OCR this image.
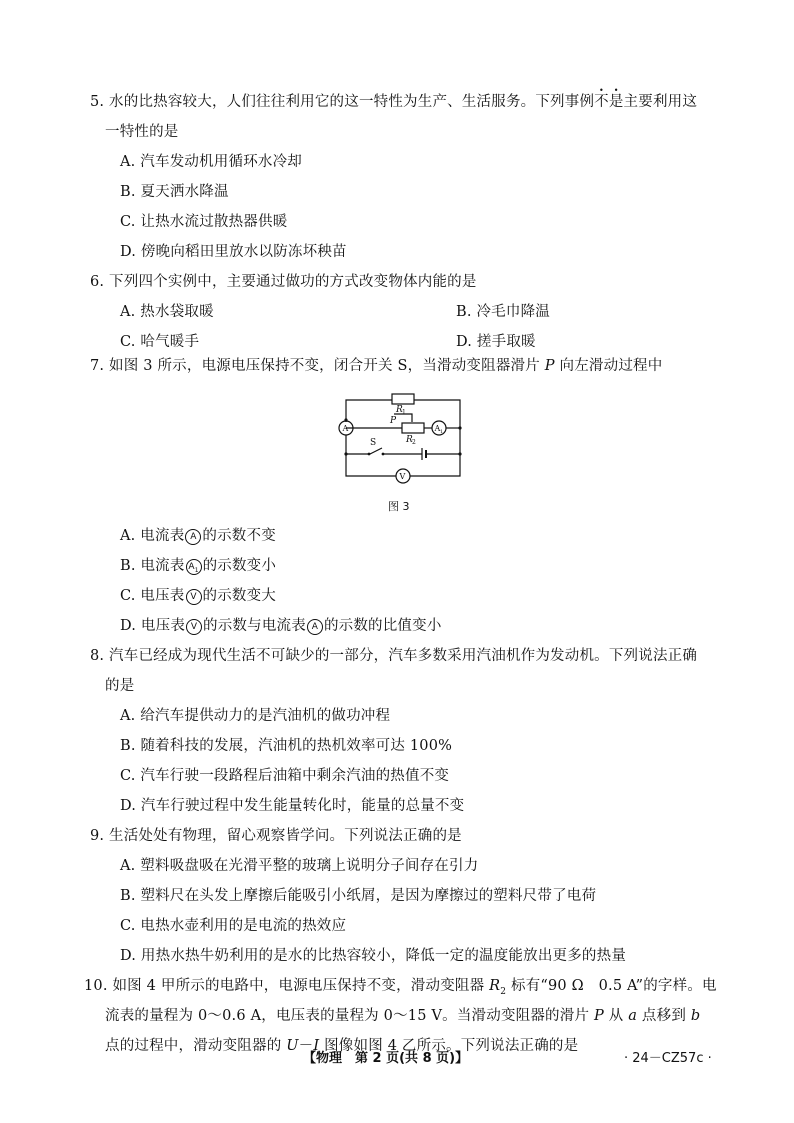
5. 水的比热容较大，人们往往利用它的这一特性为生产、生活服务。下列事例不是主要利用这
一特性的是
A. 汽车发动机用循环水冷却
B. 夏天洒水降温
C. 让热水流过散热器供暖
D. 傍晚向稻田里放水以防冻坏秧苗
6. 下列四个实例中，主要通过做功的方式改变物体内能的是
A. 热水袋取暖	B. 冷毛巾降温
C. 哈气暖手	D. 搓手取暖
7. 如图 3 所示，电源电压保持不变，闭合开关 S，当滑动变阻器滑片 P 向左滑动过程中
R 1
P
R 2
S
A	A 1
V
图 3
A. 电流表 A 的示数不变
B. 电流表 $A_1$ 的示数变小
C. 电压表 V 的示数变大
D. 电压表 V 的示数与电流表 A 的示数的比值变小
8. 汽车已经成为现代生活不可缺少的一部分，汽车多数采用汽油机作为发动机。下列说法正确
的是
A. 给汽车提供动力的是汽油机的做功冲程
B. 随着科技的发展，汽油机的热机效率可达 100%
C. 汽车行驶一段路程后油箱中剩余汽油的热值不变
D. 汽车行驶过程中发生能量转化时，能量的总量不变
9. 生活处处有物理，留心观察皆学问。下列说法正确的是
A. 塑料吸盘吸在光滑平整的玻璃上说明分子间存在引力
B. 塑料尺在头发上摩擦后能吸引小纸屑，是因为摩擦过的塑料尺带了电荷
C. 电热水壶利用的是电流的热效应
D. 用热水热牛奶利用的是水的比热容较小，降低一定的温度能放出更多的热量
10. 如图 4 甲所示的电路中，电源电压保持不变，滑动变阻器 $R_2$ 标有“90 Ω　0.5 A”的字样。电
流表的量程为 0～0.6 A，电压表的量程为 0～15 V。当滑动变阻器的滑片 P 从 a 点移到 b
点的过程中，滑动变阻器的 U－I 图像如图 4 乙所示。下列说法正确的是
【物理　第 2 页(共 8 页)】	· 24－CZ57c ·
